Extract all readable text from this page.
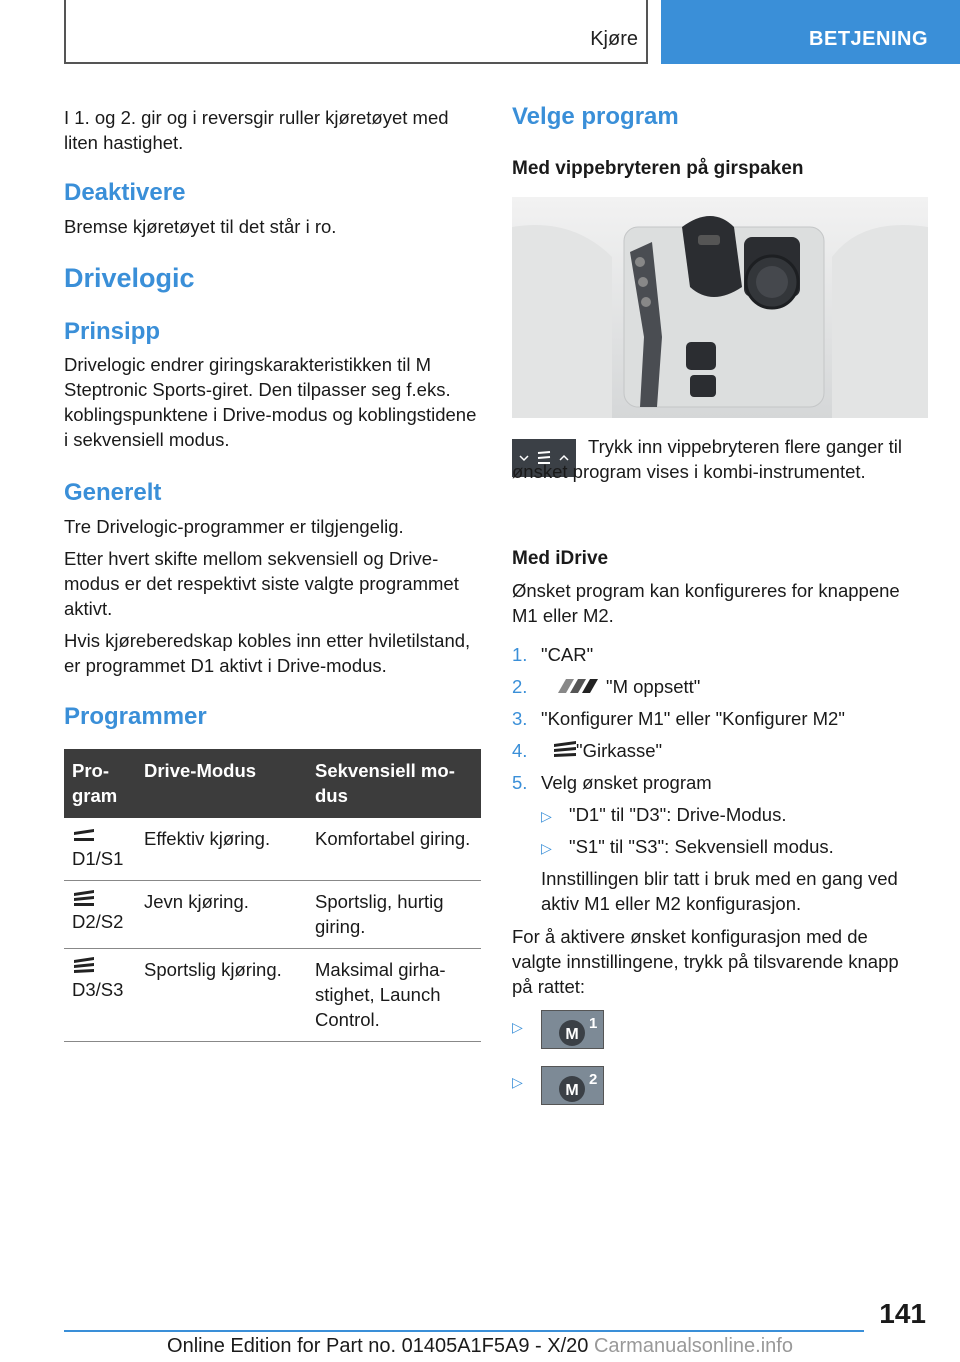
Kjøre	BETJENING
I 1. og 2. gir og i reversgir ruller kjøretøyet med liten hastighet.
Deaktivere
Bremse kjøretøyet til det står i ro.
Drivelogic
Prinsipp
Drivelogic endrer giringskarakteristikken til M Steptronic Sports-giret. Den tilpasser seg f.eks. koblingspunktene i Drive-modus og koblingstidene i sekvensiell modus.
Generelt
Tre Drivelogic-programmer er tilgjengelig.
Etter hvert skifte mellom sekvensiell og Drive-modus er det respektivt siste valgte programmet aktivt.
Hvis kjøreberedskap kobles inn etter hviletilstand, er programmet D1 aktivt i Drive-modus.
Programmer
Program	Drive-Modus	Sekvensiell modus

D1/S1	Effektiv kjøring.	Komfortabel giring.

D2/S2	Jevn kjøring.	Sportslig, hurtig giring.

D3/S3	Sportslig kjøring.	Maksimal girhastighet, Launch Control.
Velge program
Med vippebryteren på girspaken
Trykk inn vippebryteren flere ganger til ønsket program vises i kombi-instrumentet.
Med iDrive
Ønsket program kan konfigureres for knappene M1 eller M2.
1. "CAR"
2.	"M oppsett"
3. "Konfigurer M1" eller "Konfigurer M2"
4.	"Girkasse"
5. Velg ønsket program
▷ "D1" til "D3": Drive-Modus.
▷ "S1" til "S3": Sekvensiell modus.
Innstillingen blir tatt i bruk med en gang ved aktiv M1 eller M2 konfigurasjon.
For å aktivere ønsket konfigurasjon med de valgte innstillingene, trykk på tilsvarende knapp på rattet:
▷	M
1
▷	M
2
141
Online Edition for Part no. 01405A1F5A9 - X/20 Carmanualsonline.info
